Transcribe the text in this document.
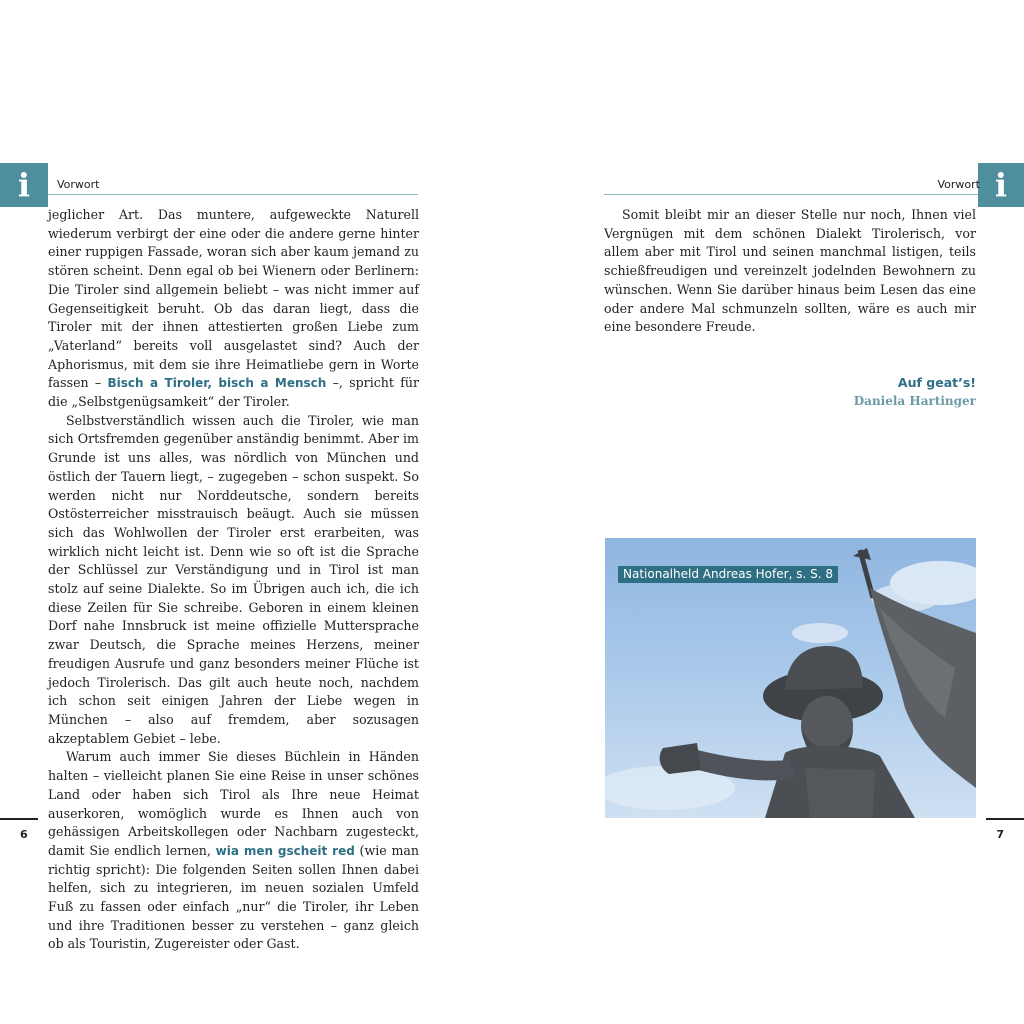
i	Vorwort

jeglicher Art. Das muntere, aufgeweckte Naturell wiederum verbirgt der eine oder die andere gerne hinter einer ruppigen Fassade, woran sich aber kaum jemand zu stören scheint. Denn egal ob bei Wienern oder Berlinern: Die Tiroler sind allgemein beliebt – was nicht immer auf Gegenseitigkeit beruht. Ob das daran liegt, dass die Tiroler mit der ihnen attestierten großen Liebe zum „Vaterland“ bereits voll ausgelastet sind? Auch der Aphorismus, mit dem sie ihre Heimatliebe gern in Worte fassen – Bisch a Tiroler, bisch a Mensch –, spricht für die „Selbstgenügsamkeit“ der Tiroler.

Selbstverständlich wissen auch die Tiroler, wie man sich Ortsfremden gegenüber anständig benimmt. Aber im Grunde ist uns alles, was nördlich von München und östlich der Tauern liegt, – zugegeben – schon suspekt. So werden nicht nur Norddeutsche, sondern bereits Ostösterreicher misstrauisch beäugt. Auch sie müssen sich das Wohlwollen der Tiroler erst erarbeiten, was wirklich nicht leicht ist. Denn wie so oft ist die Sprache der Schlüssel zur Verständigung und in Tirol ist man stolz auf seine Dialekte. So im Übrigen auch ich, die ich diese Zeilen für Sie schreibe. Geboren in einem kleinen Dorf nahe Innsbruck ist meine offizielle Muttersprache zwar Deutsch, die Sprache meines Herzens, meiner freudigen Ausrufe und ganz besonders meiner Flüche ist jedoch Tirolerisch. Das gilt auch heute noch, nachdem ich schon seit einigen Jahren der Liebe wegen in München – also auf fremdem, aber sozusagen akzeptablem Gebiet – lebe.

Warum auch immer Sie dieses Büchlein in Händen halten – vielleicht planen Sie eine Reise in unser schönes Land oder haben sich Tirol als Ihre neue Heimat auserkoren, womöglich wurde es Ihnen auch von gehässigen Arbeitskollegen oder Nachbarn zugesteckt, damit Sie endlich lernen, wia men gscheit red (wie man richtig spricht): Die folgenden Seiten sollen Ihnen dabei helfen, sich zu integrieren, im neuen sozialen Umfeld Fuß zu fassen oder einfach „nur“ die Tiroler, ihr Leben und ihre Traditionen besser zu verstehen – ganz gleich ob als Touristin, Zugereister oder Gast.

6
i
Vorwort

Somit bleibt mir an dieser Stelle nur noch, Ihnen viel Vergnügen mit dem schönen Dialekt Tirolerisch, vor allem aber mit Tirol und seinen manchmal listigen, teils schießfreudigen und vereinzelt jodelnden Bewohnern zu wünschen. Wenn Sie darüber hinaus beim Lesen das eine oder andere Mal schmunzeln sollten, wäre es auch mir eine besondere Freude.

Auf geat’s!
Daniela Hartinger
Nationalheld Andreas Hofer, s. S. 8
7
